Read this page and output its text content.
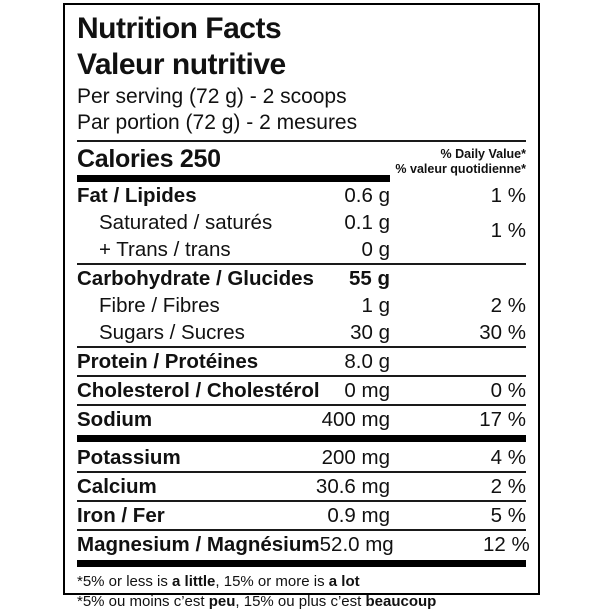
Nutrition Facts
Valeur nutritive
Per serving (72 g) - 2 scoops
Par portion (72 g) - 2 mesures
Calories 250	% Daily Value*
% valeur quotidienne*
Fat / Lipides	0.6 g	1 %
Saturated / saturés	0.1 g	1 %
+ Trans / trans	0 g
Carbohydrate / Glucides	55 g
Fibre / Fibres	1 g	2 %
Sugars / Sucres	30 g	30 %
Protein / Protéines	8.0 g
Cholesterol / Cholestérol	0 mg	0 %
Sodium	400 mg	17 %
Potassium	200 mg	4 %
Calcium	30.6 mg	2 %
Iron / Fer	0.9 mg	5 %
Magnesium / Magnésium 52.0 mg	12 %
*5% or less is a little, 15% or more is a lot
*5% ou moins c’est peu, 15% ou plus c’est beaucoup
